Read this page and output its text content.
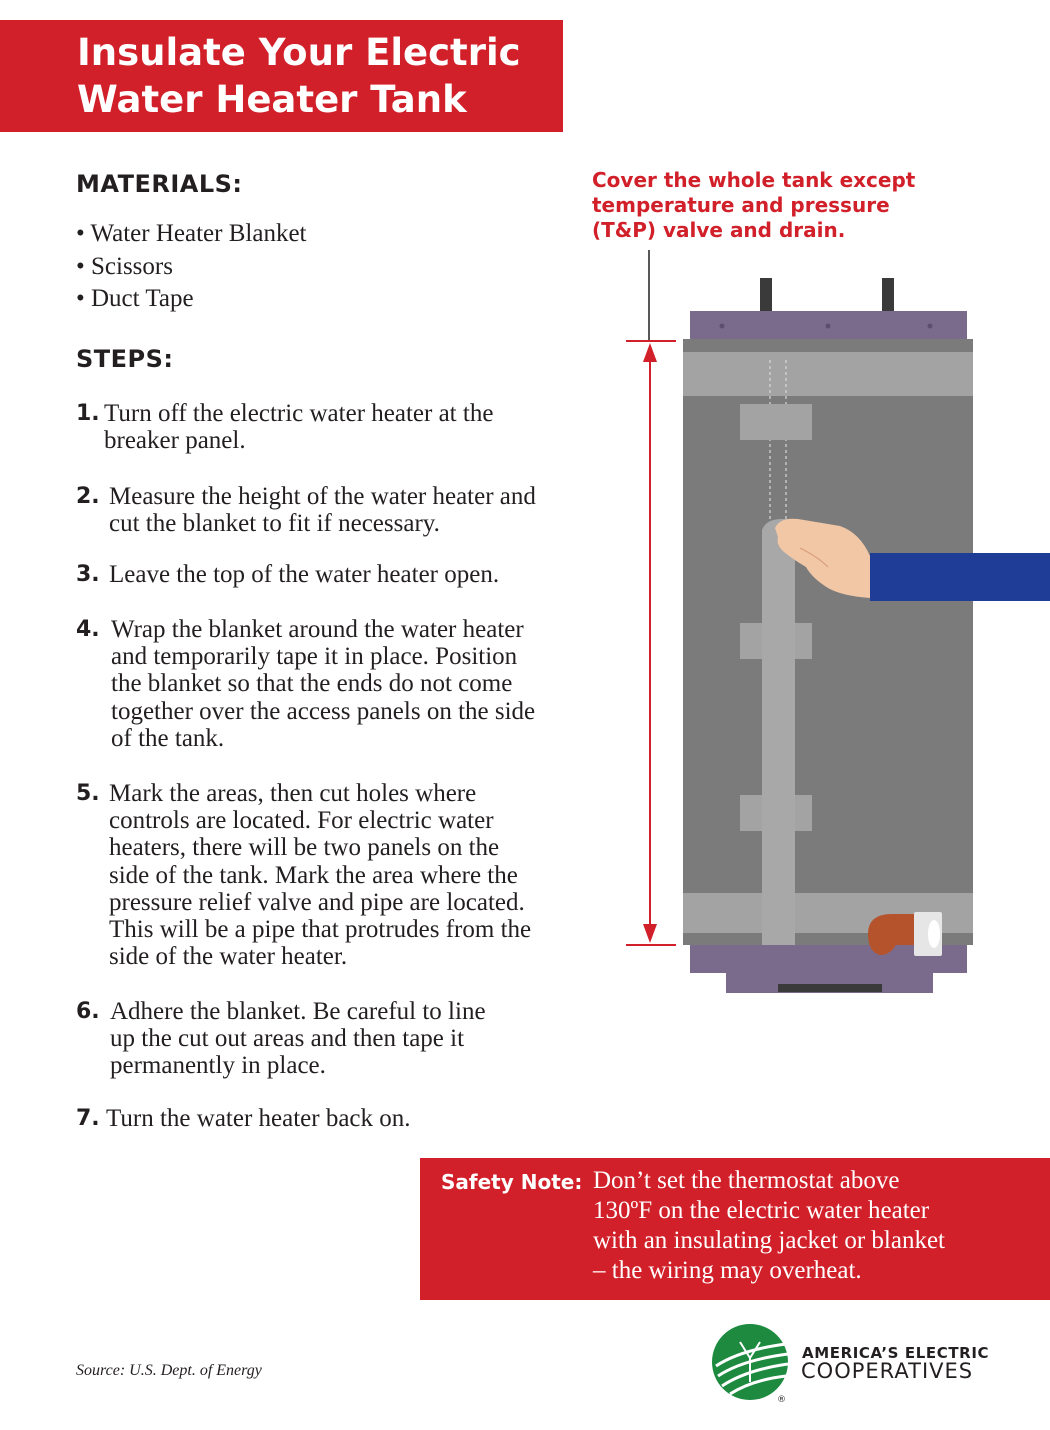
Insulate Your Electric
Water Heater Tank
MATERIALS:
• Water Heater Blanket
• Scissors
• Duct Tape
STEPS:
1. Turn off the electric water heater at the
breaker panel.
2. Measure the height of the water heater and
cut the blanket to fit if necessary.
3. Leave the top of the water heater open.
4. Wrap the blanket around the water heater
and temporarily tape it in place. Position
the blanket so that the ends do not come
together over the access panels on the side
of the tank.
5. Mark the areas, then cut holes where
controls are located. For electric water
heaters, there will be two panels on the
side of the tank. Mark the area where the
pressure relief valve and pipe are located.
This will be a pipe that protrudes from the
side of the water heater.
6. Adhere the blanket. Be careful to line
up the cut out areas and then tape it
permanently in place.
7. Turn the water heater back on.
Cover the whole tank except
temperature and pressure
(T&P) valve and drain.
Safety Note: Don’t set the thermostat above
130ºF on the electric water heater
with an insulating jacket or blanket
– the wiring may overheat.
Source: U.S. Dept. of Energy
®
AMERICA’S ELECTRIC
COOPERATIVES
